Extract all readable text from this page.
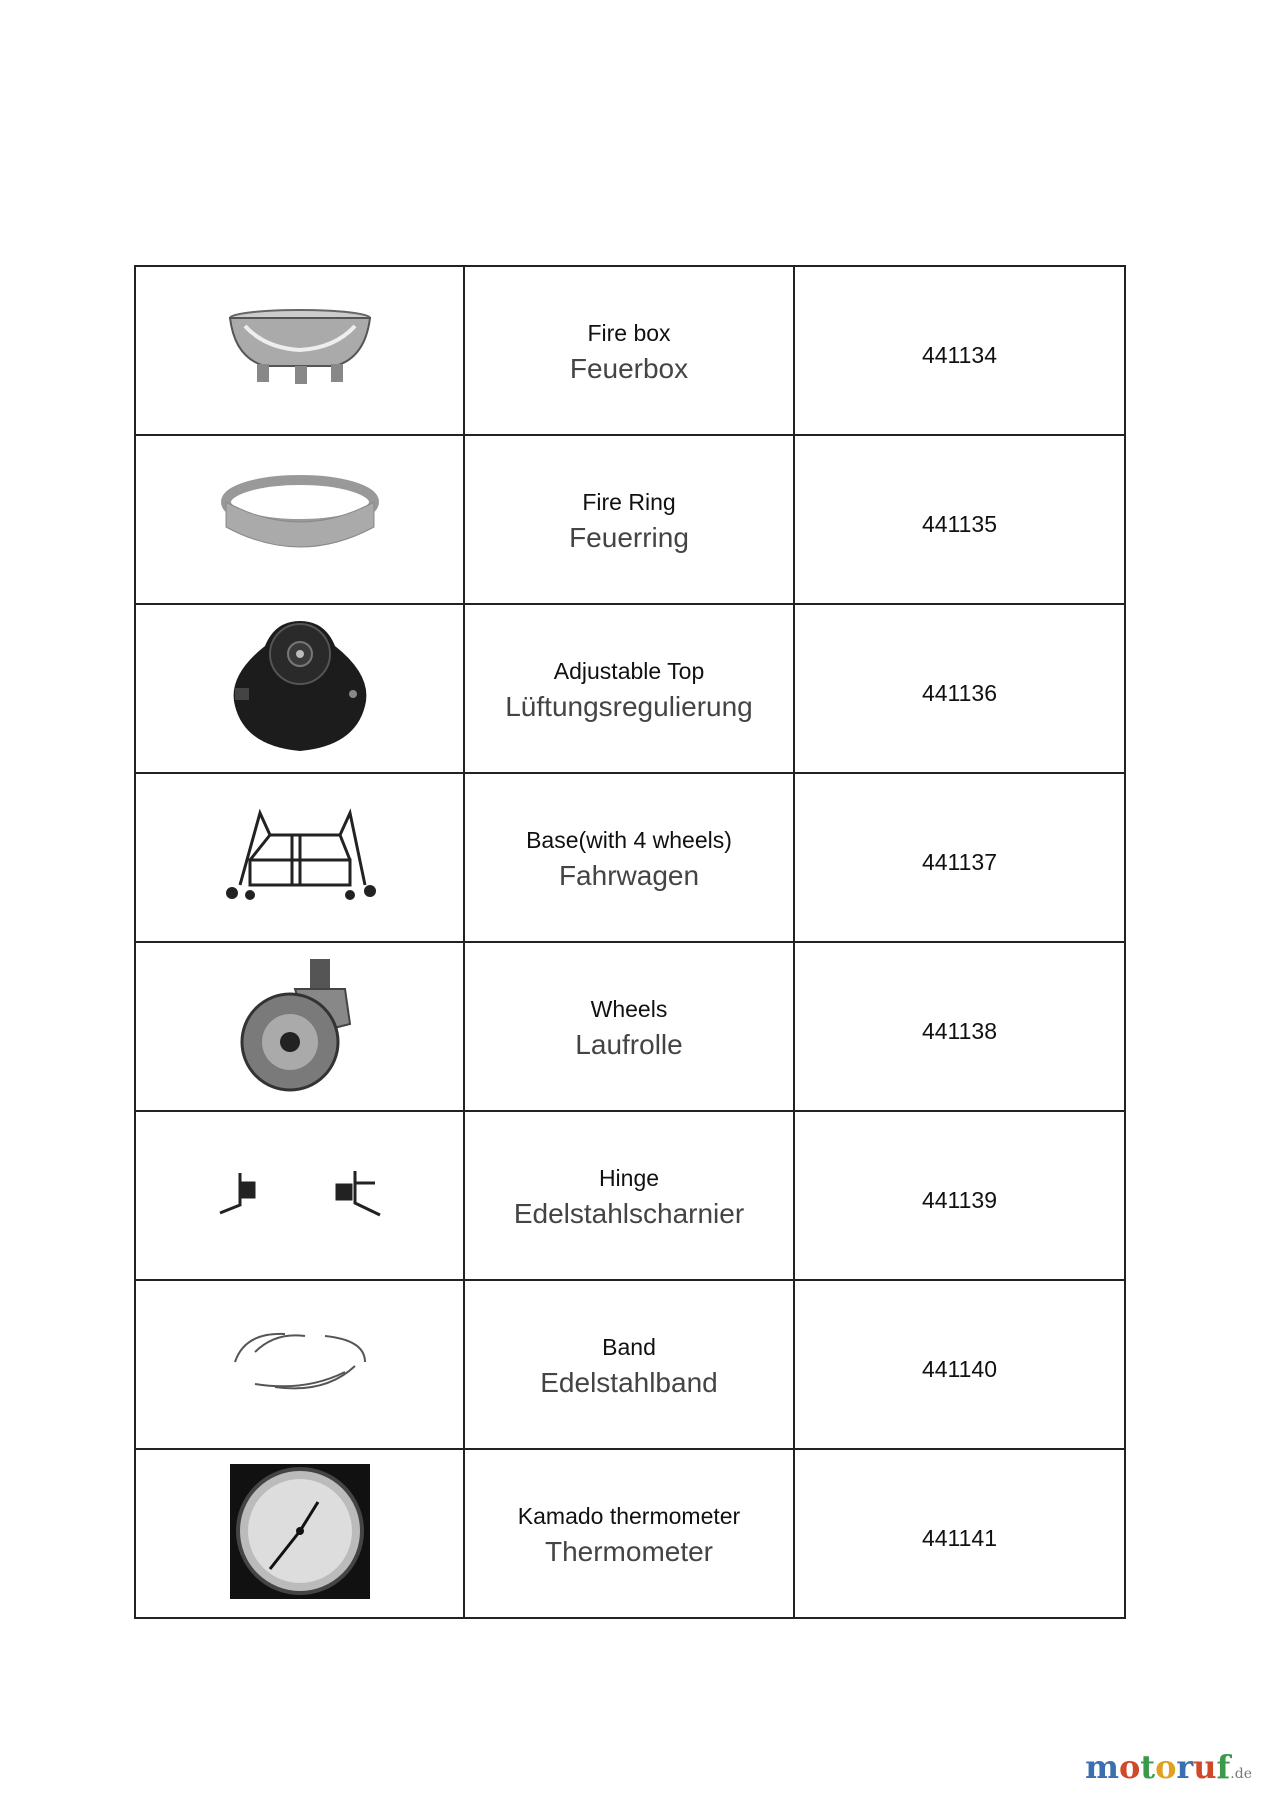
Fire box
Feuerbox	441134

Fire Ring
Feuerring	441135

Adjustable Top
Lüftungsregulierung	441136

Base(with 4 wheels)
Fahrwagen	441137

Wheels
Laufrolle	441138

Hinge
Edelstahlscharnier	441139

Band
Edelstahlband	441140

Kamado thermometer
Thermometer	441141
motoruf.de
